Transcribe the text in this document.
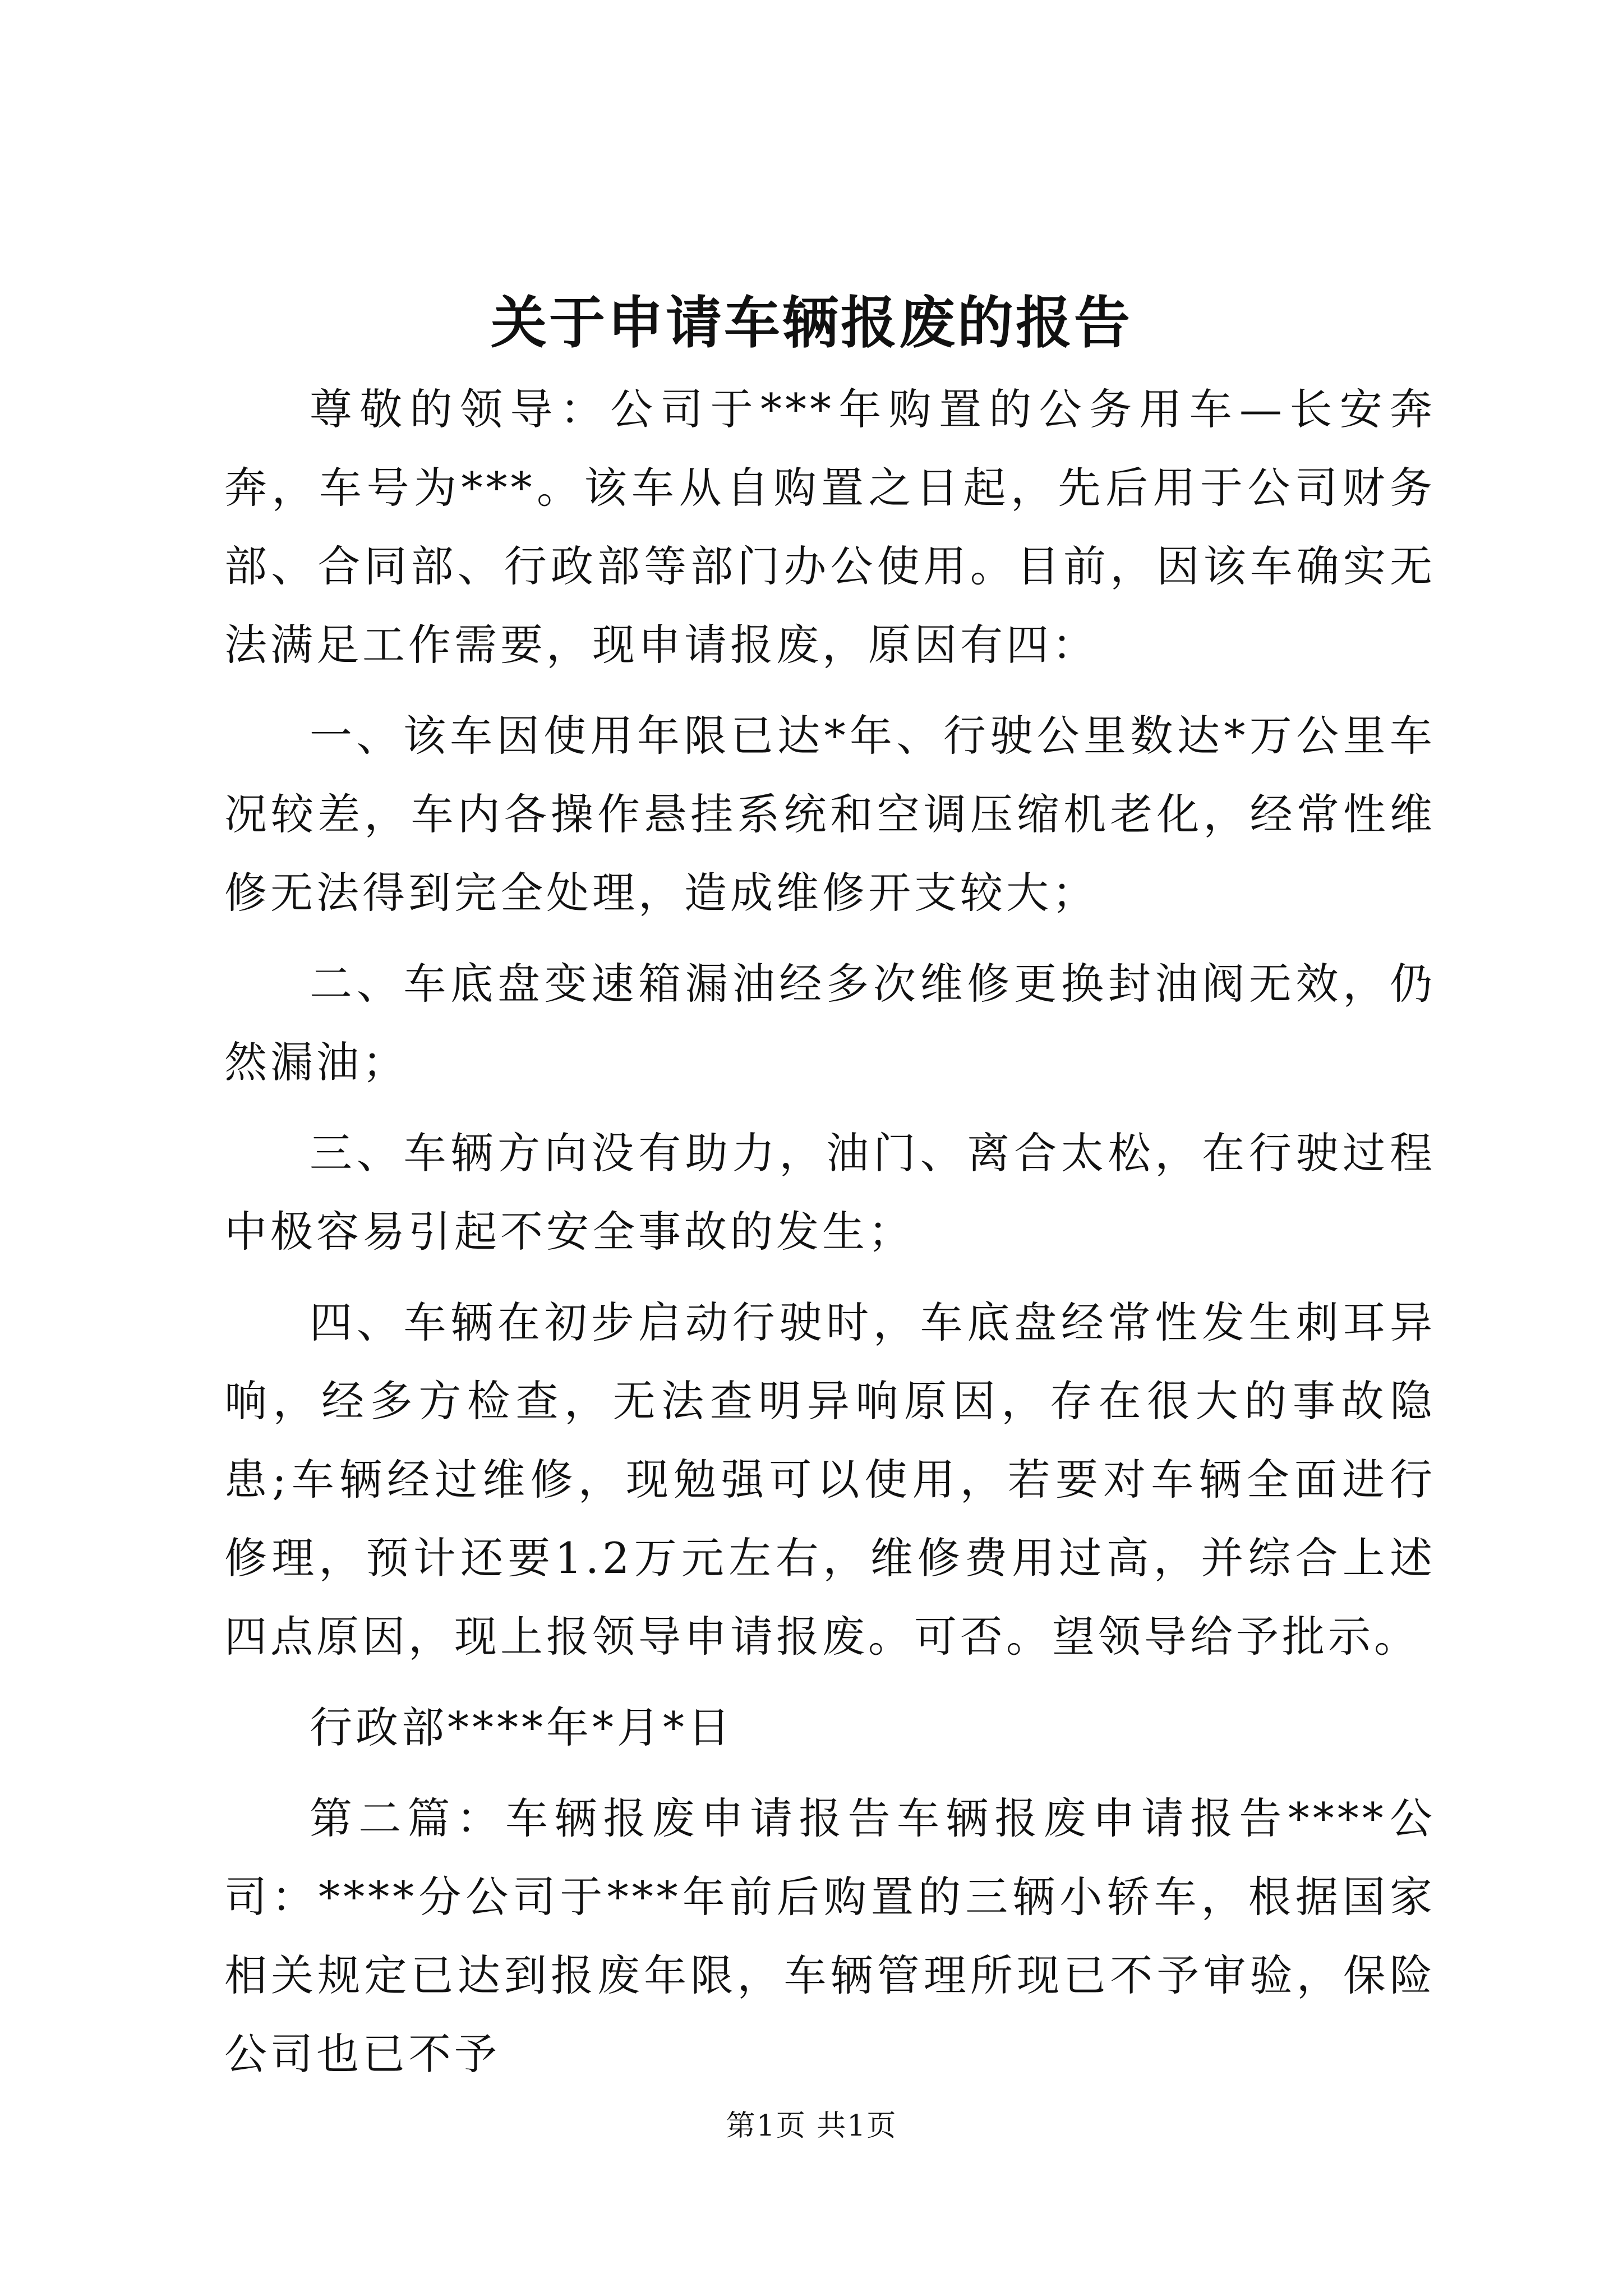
关于申请车辆报废的报告

尊敬的领导：公司于***年购置的公务用车—长安奔奔，车号为***。该车从自购置之日起，先后用于公司财务部、合同部、行政部等部门办公使用。目前，因该车确实无法满足工作需要，现申请报废，原因有四：

一、该车因使用年限已达*年、行驶公里数达*万公里车况较差，车内各操作悬挂系统和空调压缩机老化，经常性维修无法得到完全处理，造成维修开支较大；

二、车底盘变速箱漏油经多次维修更换封油阀无效，仍然漏油；

三、车辆方向没有助力，油门、离合太松，在行驶过程中极容易引起不安全事故的发生；

四、车辆在初步启动行驶时，车底盘经常性发生刺耳异响，经多方检查，无法查明异响原因，存在很大的事故隐患;车辆经过维修，现勉强可以使用，若要对车辆全面进行修理，预计还要1.2万元左右，维修费用过高，并综合上述四点原因，现上报领导申请报废。可否。望领导给予批示。

行政部****年*月*日

第二篇：车辆报废申请报告车辆报废申请报告****公司：****分公司于***年前后购置的三辆小轿车，根据国家相关规定已达到报废年限，车辆管理所现已不予审验，保险公司也已不予

第1页 共1页
